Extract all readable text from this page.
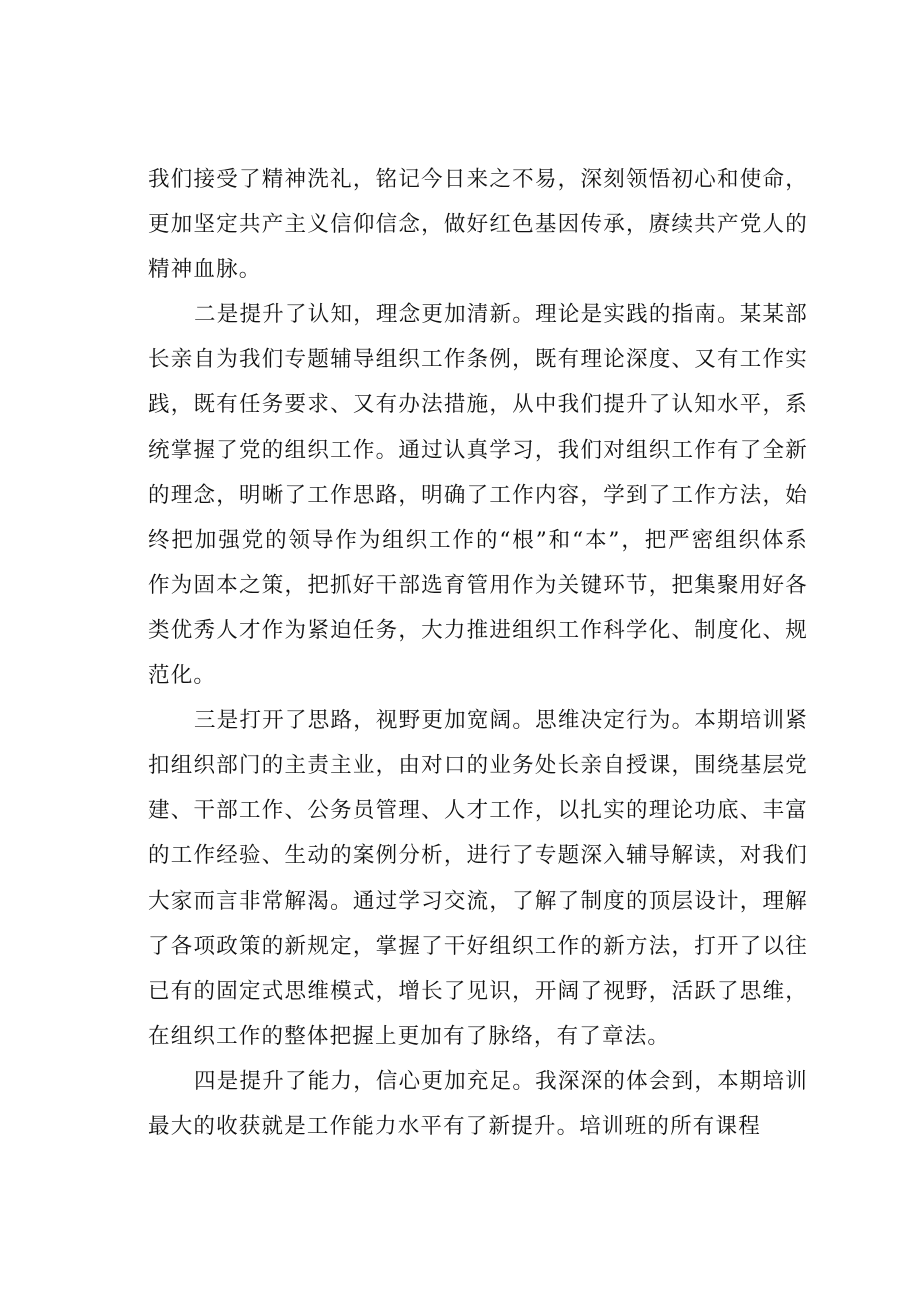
我们接受了精神洗礼，铭记今日来之不易，深刻领悟初心和使命，更加坚定共产主义信仰信念，做好红色基因传承，赓续共产党人的精神血脉。

二是提升了认知，理念更加清新。理论是实践的指南。某某部长亲自为我们专题辅导组织工作条例，既有理论深度、又有工作实践，既有任务要求、又有办法措施，从中我们提升了认知水平，系统掌握了党的组织工作。通过认真学习，我们对组织工作有了全新的理念，明晰了工作思路，明确了工作内容，学到了工作方法，始终把加强党的领导作为组织工作的“根”和“本”，把严密组织体系作为固本之策，把抓好干部选育管用作为关键环节，把集聚用好各类优秀人才作为紧迫任务，大力推进组织工作科学化、制度化、规范化。

三是打开了思路，视野更加宽阔。思维决定行为。本期培训紧扣组织部门的主责主业，由对口的业务处长亲自授课，围绕基层党建、干部工作、公务员管理、人才工作，以扎实的理论功底、丰富的工作经验、生动的案例分析，进行了专题深入辅导解读，对我们大家而言非常解渴。通过学习交流，了解了制度的顶层设计，理解了各项政策的新规定，掌握了干好组织工作的新方法，打开了以往已有的固定式思维模式，增长了见识，开阔了视野，活跃了思维，在组织工作的整体把握上更加有了脉络，有了章法。

四是提升了能力，信心更加充足。我深深的体会到，本期培训最大的收获就是工作能力水平有了新提升。培训班的所有课程
